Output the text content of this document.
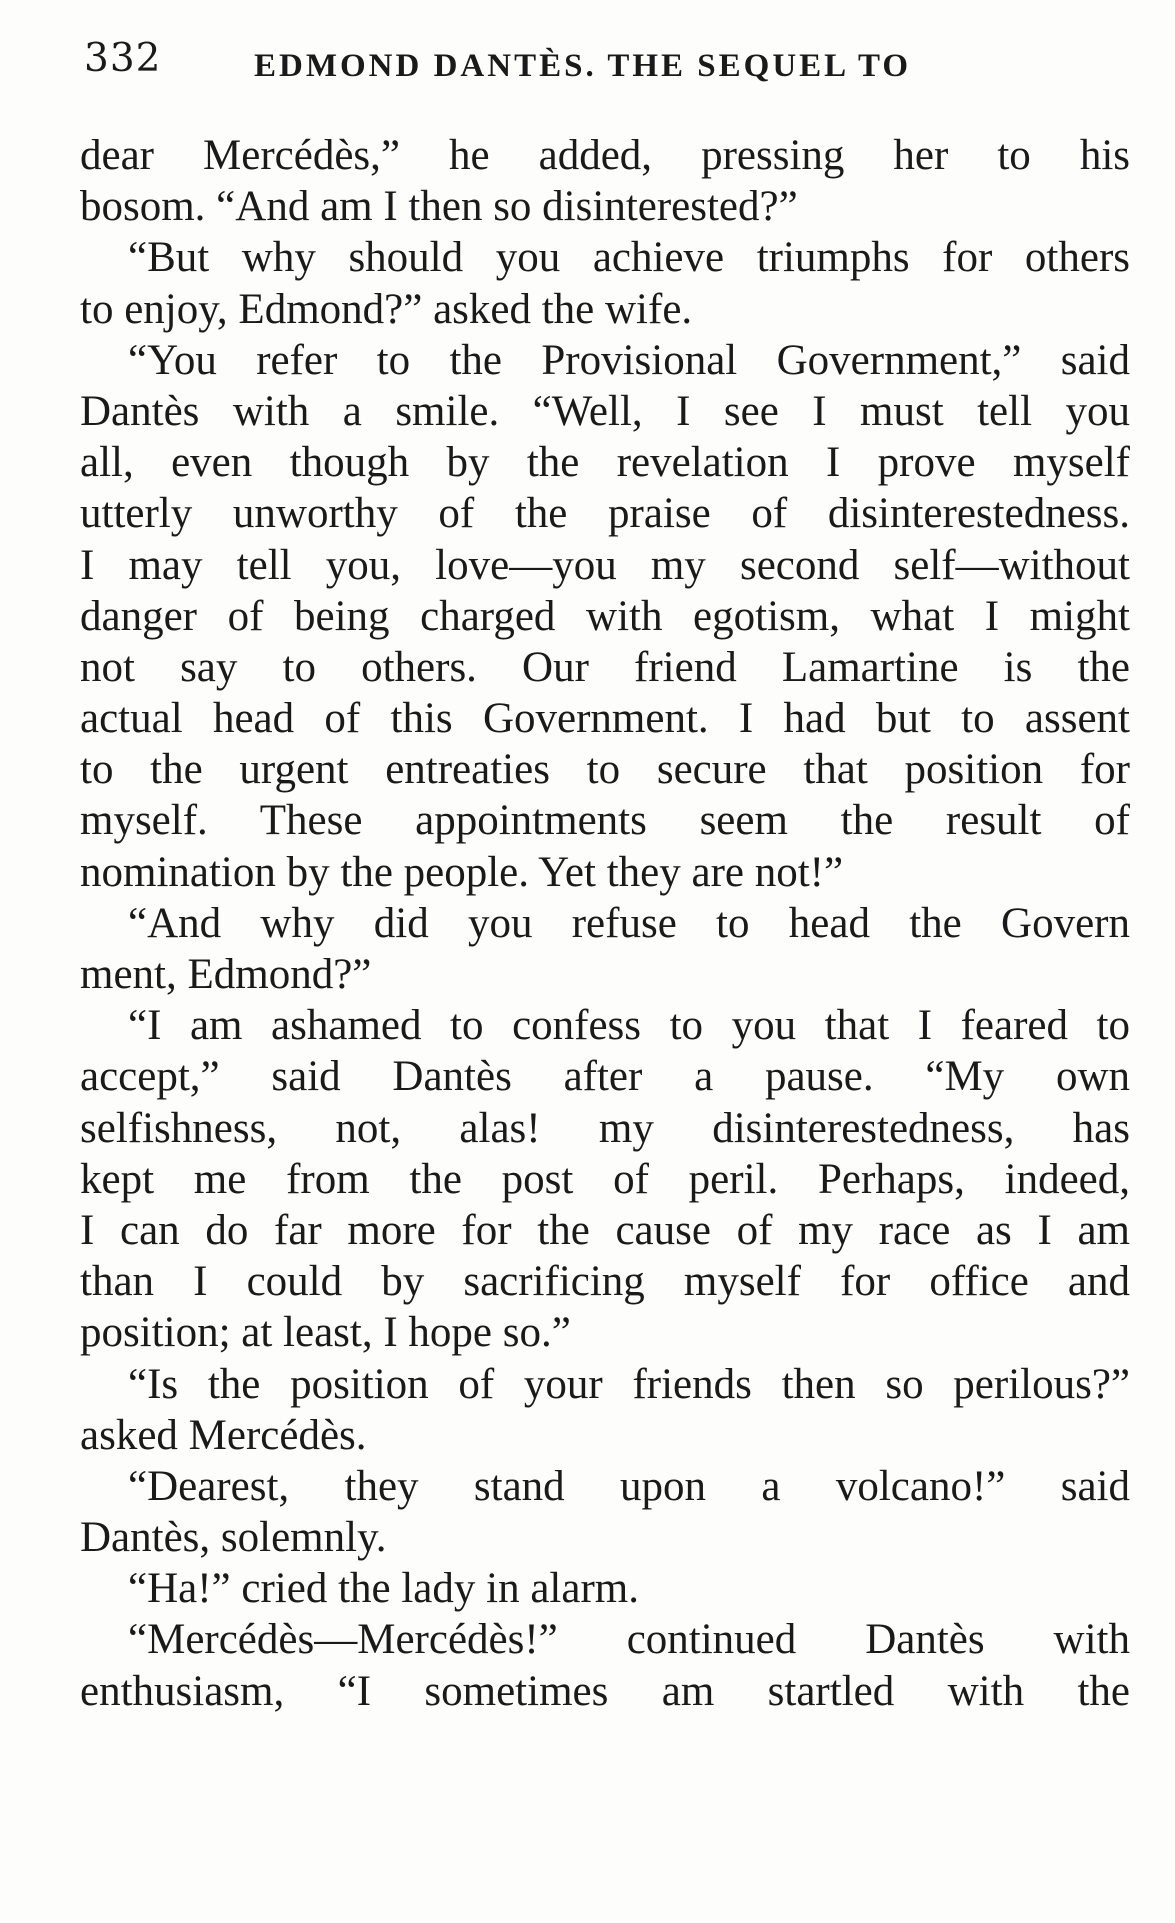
332	EDMOND DANTÈS. THE SEQUEL TO
dear Mercédès,” he added, pressing her to his
bosom. “And am I then so disinterested?”
“But why should you achieve triumphs for others
to enjoy, Edmond?” asked the wife.
“You refer to the Provisional Government,” said
Dantès with a smile. “Well, I see I must tell you
all, even though by the revelation I prove myself
utterly unworthy of the praise of disinterestedness.
I may tell you, love—you my second self—without
danger of being charged with egotism, what I might
not say to others. Our friend Lamartine is the
actual head of this Government. I had but to assent
to the urgent entreaties to secure that position for
myself. These appointments seem the result of
nomination by the people. Yet they are not!”
“And why did you refuse to head the Govern
ment, Edmond?”
“I am ashamed to confess to you that I feared to
accept,” said Dantès after a pause. “My own
selfishness, not, alas! my disinterestedness, has
kept me from the post of peril. Perhaps, indeed,
I can do far more for the cause of my race as I am
than I could by sacrificing myself for office and
position; at least, I hope so.”
“Is the position of your friends then so perilous?”
asked Mercédès.
“Dearest, they stand upon a volcano!” said
Dantès, solemnly.
“Ha!” cried the lady in alarm.
“Mercédès—Mercédès!” continued Dantès with
enthusiasm, “I sometimes am startled with the
